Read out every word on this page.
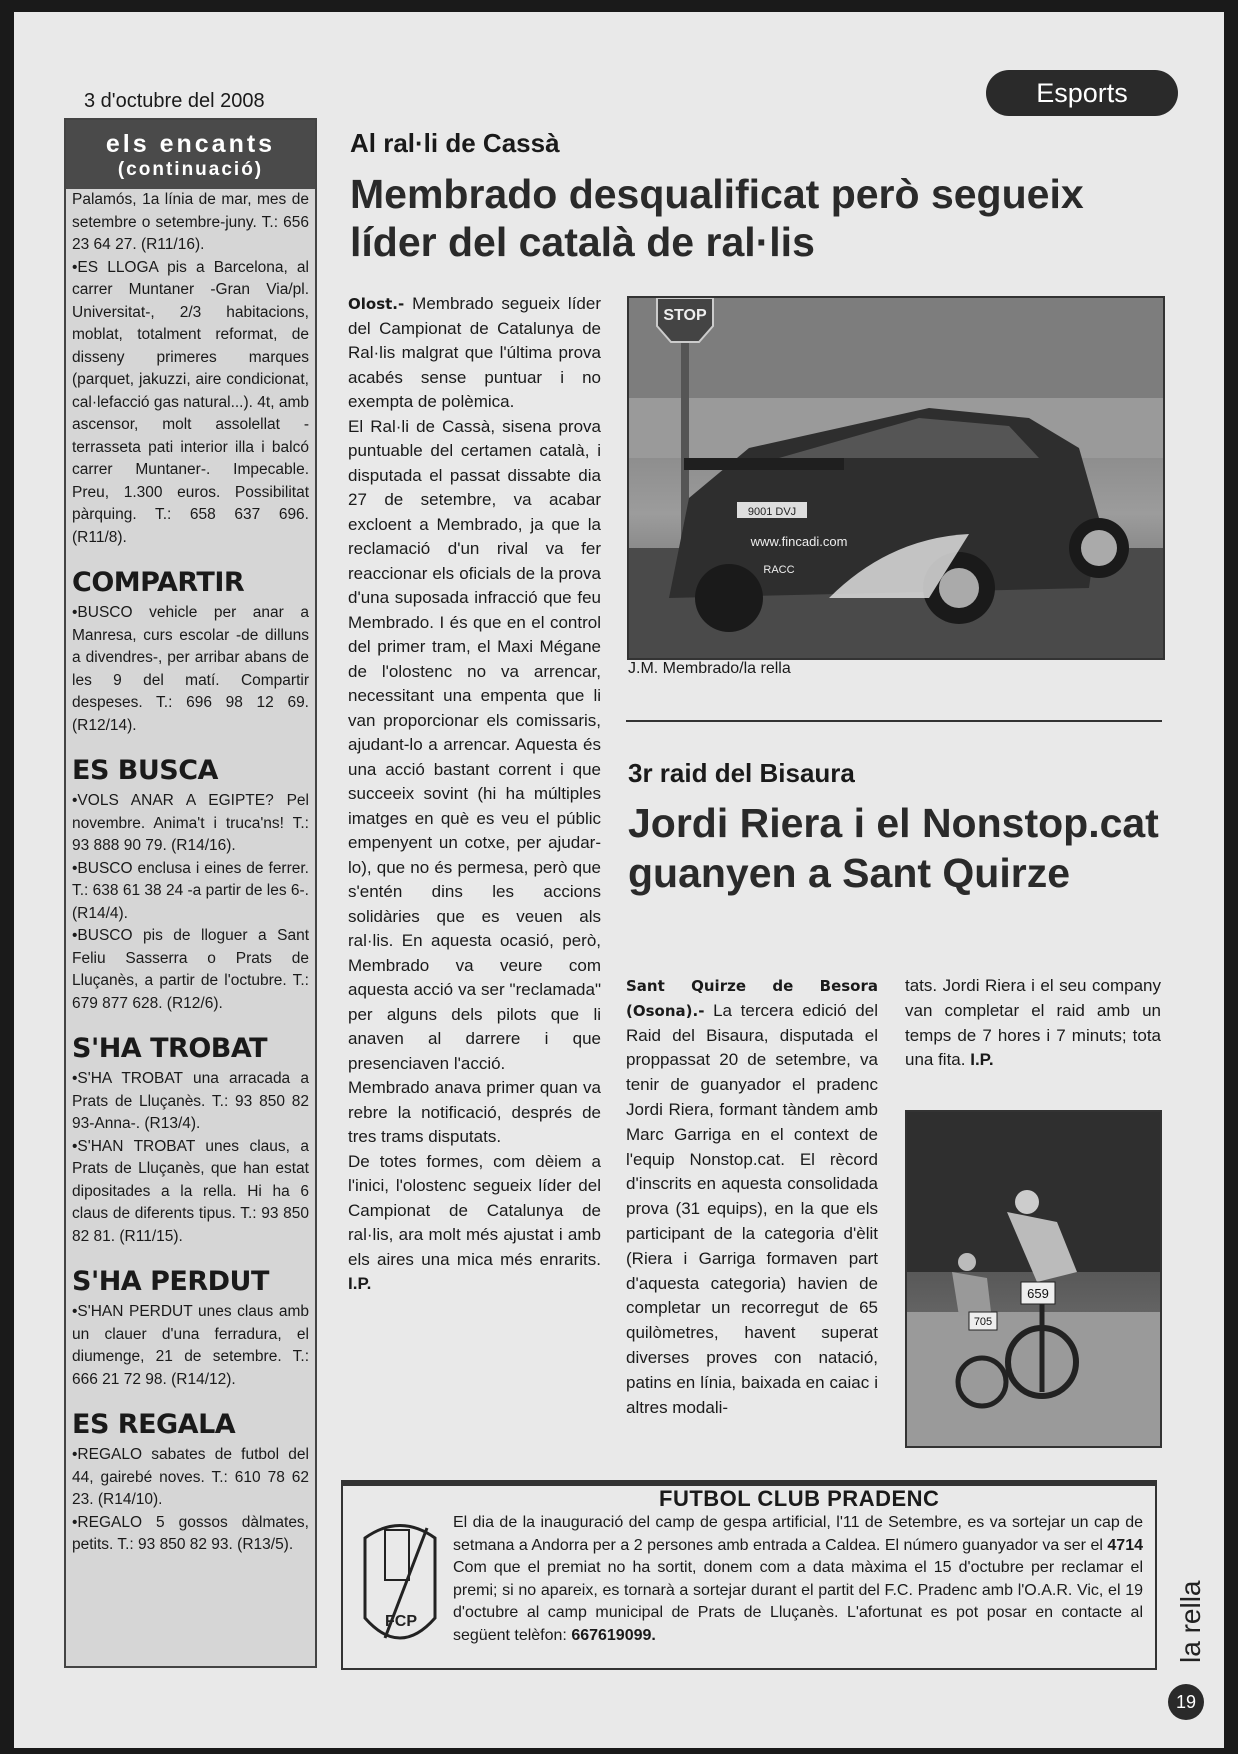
3 d'octubre del 2008	Esports
els encants
(continuació)

Palamós, 1a línia de mar, mes de setembre o setembre-juny. T.: 656 23 64 27. (R11/16).

•ES LLOGA pis a Barcelona, al carrer Muntaner -Gran Via/pl. Universitat-, 2/3 habitacions, moblat, totalment reformat, de disseny primeres marques (parquet, jakuzzi, aire condicionat, cal·lefacció gas natural...). 4t, amb ascensor, molt assolellat - terrasseta pati interior illa i balcó carrer Muntaner-. Impecable. Preu, 1.300 euros. Possibilitat pàrquing. T.: 658 637 696. (R11/8).

COMPARTIR

•BUSCO vehicle per anar a Manresa, curs escolar -de dilluns a divendres-, per arribar abans de les 9 del matí. Compartir despeses. T.: 696 98 12 69. (R12/14).

ES BUSCA

•VOLS ANAR A EGIPTE? Pel novembre. Anima't i truca'ns! T.: 93 888 90 79. (R14/16).

•BUSCO enclusa i eines de ferrer. T.: 638 61 38 24 -a partir de les 6-. (R14/4).

•BUSCO pis de lloguer a Sant Feliu Sasserra o Prats de Lluçanès, a partir de l'octubre. T.: 679 877 628. (R12/6).

S'HA TROBAT

•S'HA TROBAT una arracada a Prats de Lluçanès. T.: 93 850 82 93-Anna-. (R13/4).

•S'HAN TROBAT unes claus, a Prats de Lluçanès, que han estat dipositades a la rella. Hi ha 6 claus de diferents tipus. T.: 93 850 82 81. (R11/15).

S'HA PERDUT

•S'HAN PERDUT unes claus amb un clauer d'una ferradura, el diumenge, 21 de setembre. T.: 666 21 72 98. (R14/12).

ES REGALA

•REGALO sabates de futbol del 44, gairebé noves. T.: 610 78 62 23. (R14/10).

•REGALO 5 gossos dàlmates, petits. T.: 93 850 82 93. (R13/5).

Al ral·li de Cassà
Membrado desqualificat però segueix líder del català de ral·lis

Olost.- Membrado segueix líder del Campionat de Catalunya de Ral·lis malgrat que l'última prova acabés sense puntuar i no exempta de polèmica.

El Ral·li de Cassà, sisena prova puntuable del certamen català, i disputada el passat dissabte dia 27 de setembre, va acabar excloent a Membrado, ja que la reclamació d'un rival va fer reaccionar els oficials de la prova d'una suposada infracció que feu Membrado. I és que en el control del primer tram, el Maxi Mégane de l'olostenc no va arrencar, necessitant una empenta que li van proporcionar els comissaris, ajudant-lo a arrencar. Aquesta és una acció bastant corrent i que succeeix sovint (hi ha múltiples imatges en què es veu el públic empenyent un cotxe, per ajudar-lo), que no és permesa, però que s'entén dins les accions solidàries que es veuen als ral·lis. En aquesta ocasió, però, Membrado va veure com aquesta acció va ser "reclamada" per alguns dels pilots que li anaven al darrere i que presenciaven l'acció.

Membrado anava primer quan va rebre la notificació, després de tres trams disputats.

De totes formes, com dèiem a l'inici, l'olostenc segueix líder del Campionat de Catalunya de ral·lis, ara molt més ajustat i amb els aires una mica més enrarits. I.P.

STOP
9001 DVJ
www.fincadi.com
RACC
J.M. Membrado/la rella
3r raid del Bisaura
Jordi Riera i el Nonstop.cat guanyen a Sant Quirze

Sant Quirze de Besora (Osona).- La tercera edició del Raid del Bisaura, disputada el proppassat 20 de setembre, va tenir de guanyador el pradenc Jordi Riera, formant tàndem amb Marc Garriga en el context de l'equip Nonstop.cat. El rècord d'inscrits en aquesta consolidada prova (31 equips), en la que els participant de la categoria d'èlit (Riera i Garriga formaven part d'aquesta categoria) havien de completar un recorregut de 65 quilòmetres, havent superat diverses proves con natació, patins en línia, baixada en caiac i altres modali-

tats. Jordi Riera i el seu company van completar el raid amb un temps de 7 hores i 7 minuts; tota una fita. I.P.

659
705
FUTBOL CLUB PRADENC
FCP

El dia de la inauguració del camp de gespa artificial, l'11 de Setembre, es va sortejar un cap de setmana a Andorra per a 2 persones amb entrada a Caldea. El número guanyador va ser el 4714 Com que el premiat no ha sortit, donem com a data màxima el 15 d'octubre per reclamar el premi; si no apareix, es tornarà a sortejar durant el partit del F.C. Pradenc amb l'O.A.R. Vic, el 19 d'octubre al camp municipal de Prats de Lluçanès. L'afortunat es pot posar en contacte al següent telèfon: 667619099.	la rella
19
